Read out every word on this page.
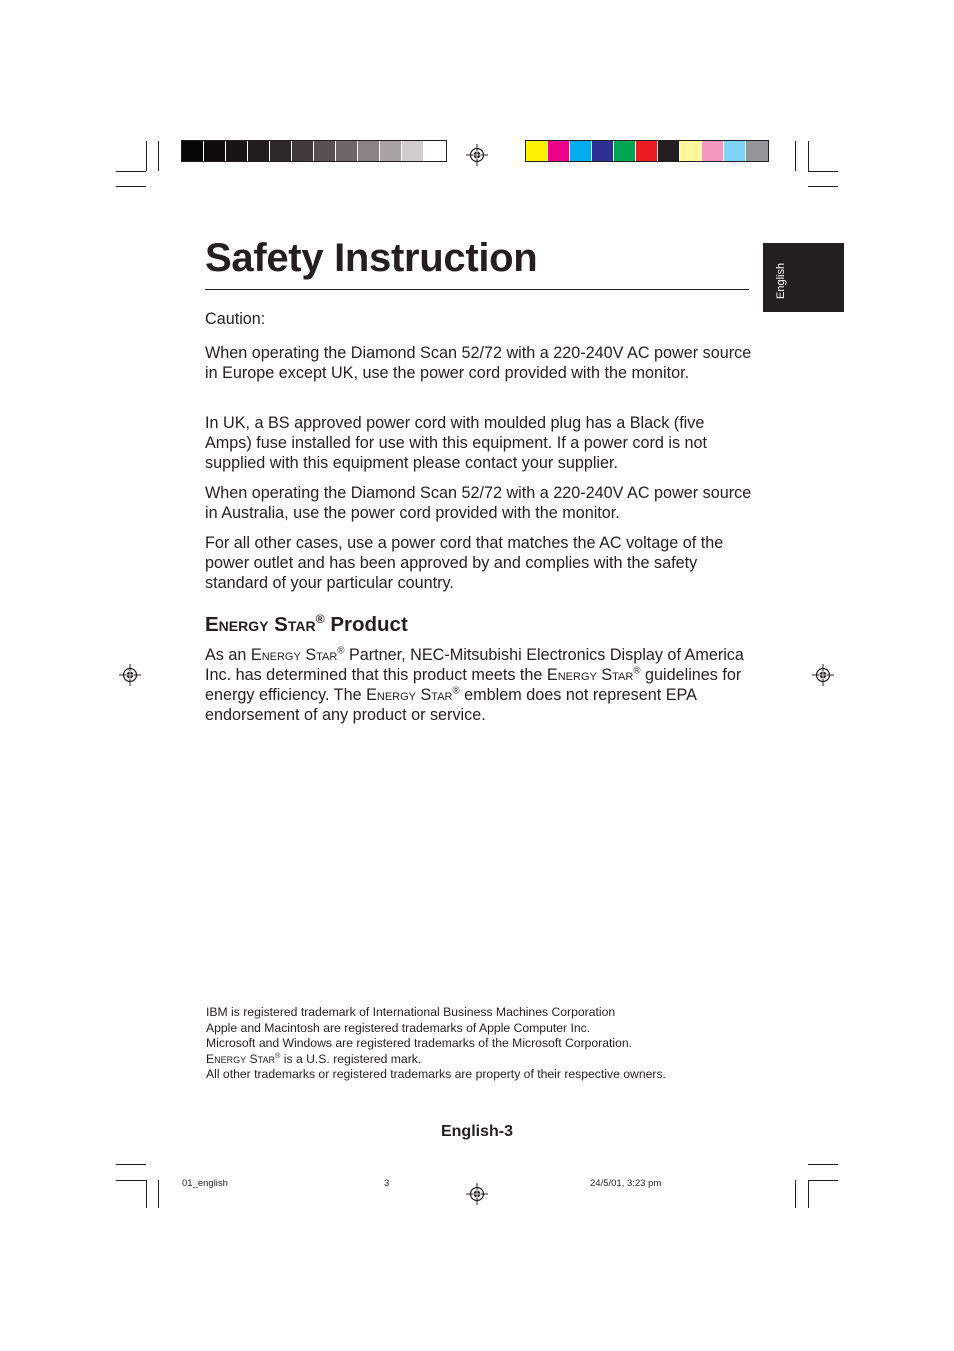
English
Safety Instruction

Caution:

When operating the Diamond Scan 52/72 with a 220-240V AC power source in Europe except UK, use the power cord provided with the monitor.

In UK, a BS approved power cord with moulded plug has a Black (five Amps) fuse installed for use with this equipment. If a power cord is not supplied with this equipment please contact your supplier.

When operating the Diamond Scan 52/72 with a 220-240V AC power source in Australia, use the power cord provided with the monitor.

For all other cases, use a power cord that matches the AC voltage of the power outlet and has been approved by and complies with the safety standard of your particular country.

Energy Star® Product

As an Energy Star® Partner, NEC-Mitsubishi Electronics Display of America Inc. has determined that this product meets the Energy Star® guidelines for energy efficiency. The Energy Star® emblem does not represent EPA endorsement of any product or service.

IBM is registered trademark of International Business Machines Corporation
Apple and Macintosh are registered trademarks of Apple Computer Inc.
Microsoft and Windows are registered trademarks of the Microsoft Corporation.
Energy Star® is a U.S. registered mark.
All other trademarks or registered trademarks are property of their respective owners.
English-3
01_english	3	24/5/01, 3:23 pm
